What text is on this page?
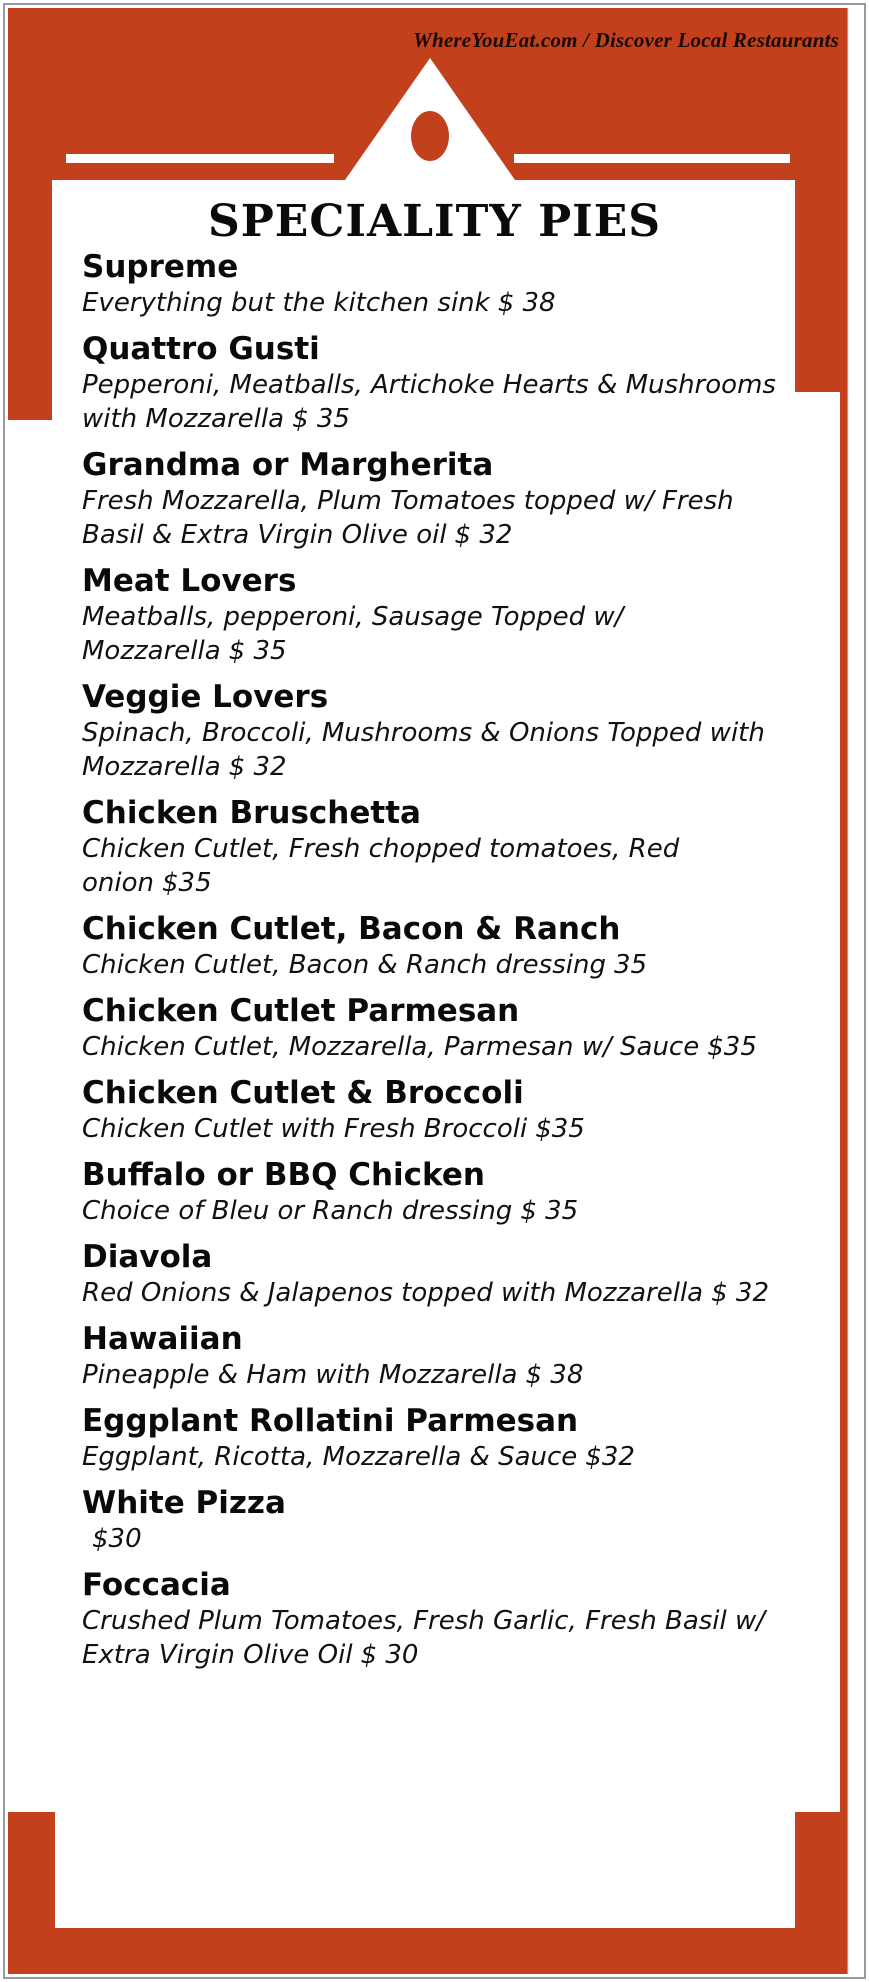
WhereYouEat.com / Discover Local Restaurants
SPECIALITY PIES
Supreme
Everything but the kitchen sink $ 38
Quattro Gusti
Pepperoni, Meatballs, Artichoke Hearts & Mushrooms with Mozzarella $ 35
Grandma or Margherita
Fresh Mozzarella, Plum Tomatoes topped w/ Fresh Basil & Extra Virgin Olive oil $ 32
Meat Lovers
Meatballs, pepperoni, Sausage Topped w/ Mozzarella $ 35
Veggie Lovers
Spinach, Broccoli, Mushrooms & Onions Topped with Mozzarella $ 32
Chicken Bruschetta
Chicken Cutlet, Fresh chopped tomatoes, Red onion $35
Chicken Cutlet, Bacon & Ranch
Chicken Cutlet, Bacon & Ranch dressing 35
Chicken Cutlet Parmesan
Chicken Cutlet, Mozzarella, Parmesan w/ Sauce $35
Chicken Cutlet & Broccoli
Chicken Cutlet with Fresh Broccoli $35
Buffalo or BBQ Chicken
Choice of Bleu or Ranch dressing $ 35
Diavola
Red Onions & Jalapenos topped with Mozzarella $ 32
Hawaiian
Pineapple & Ham with Mozzarella $ 38
Eggplant Rollatini Parmesan
Eggplant, Ricotta, Mozzarella & Sauce $32
White Pizza
$30
Foccacia
Crushed Plum Tomatoes, Fresh Garlic, Fresh Basil w/ Extra Virgin Olive Oil $ 30
